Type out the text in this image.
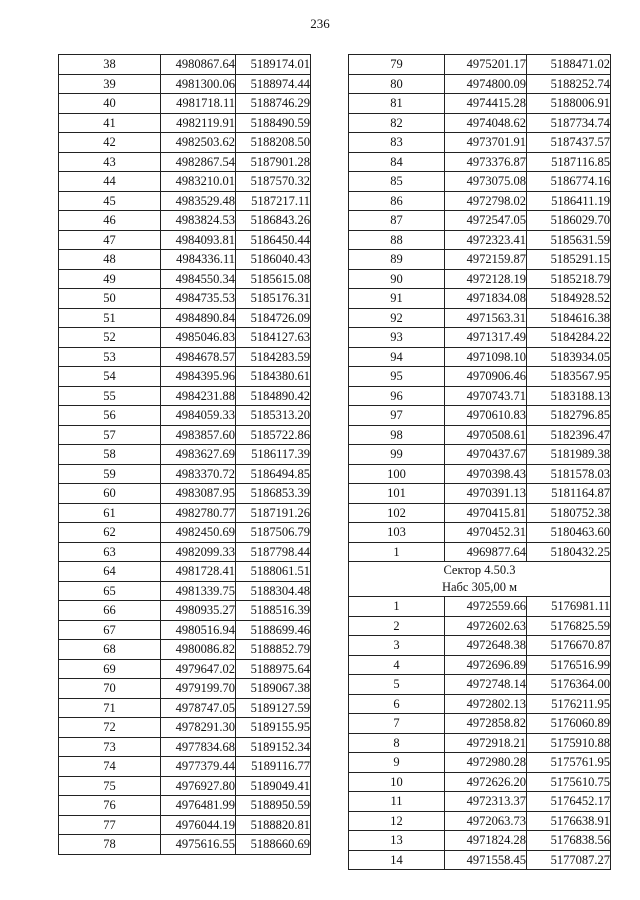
236
38	4980867.64	5189174.01
39	4981300.06	5188974.44
40	4981718.11	5188746.29
41	4982119.91	5188490.59
42	4982503.62	5188208.50
43	4982867.54	5187901.28
44	4983210.01	5187570.32
45	4983529.48	5187217.11
46	4983824.53	5186843.26
47	4984093.81	5186450.44
48	4984336.11	5186040.43
49	4984550.34	5185615.08
50	4984735.53	5185176.31
51	4984890.84	5184726.09
52	4985046.83	5184127.63
53	4984678.57	5184283.59
54	4984395.96	5184380.61
55	4984231.88	5184890.42
56	4984059.33	5185313.20
57	4983857.60	5185722.86
58	4983627.69	5186117.39
59	4983370.72	5186494.85
60	4983087.95	5186853.39
61	4982780.77	5187191.26
62	4982450.69	5187506.79
63	4982099.33	5187798.44
64	4981728.41	5188061.51
65	4981339.75	5188304.48
66	4980935.27	5188516.39
67	4980516.94	5188699.46
68	4980086.82	5188852.79
69	4979647.02	5188975.64
70	4979199.70	5189067.38
71	4978747.05	5189127.59
72	4978291.30	5189155.95
73	4977834.68	5189152.34
74	4977379.44	5189116.77
75	4976927.80	5189049.41
76	4976481.99	5188950.59
77	4976044.19	5188820.81
78	4975616.55	5188660.69
79	4975201.17	5188471.02
80	4974800.09	5188252.74
81	4974415.28	5188006.91
82	4974048.62	5187734.74
83	4973701.91	5187437.57
84	4973376.87	5187116.85
85	4973075.08	5186774.16
86	4972798.02	5186411.19
87	4972547.05	5186029.70
88	4972323.41	5185631.59
89	4972159.87	5185291.15
90	4972128.19	5185218.79
91	4971834.08	5184928.52
92	4971563.31	5184616.38
93	4971317.49	5184284.22
94	4971098.10	5183934.05
95	4970906.46	5183567.95
96	4970743.71	5183188.13
97	4970610.83	5182796.85
98	4970508.61	5182396.47
99	4970437.67	5181989.38
100	4970398.43	5181578.03
101	4970391.13	5181164.87
102	4970415.81	5180752.38
103	4970452.31	5180463.60
1	4969877.64	5180432.25

Сектор 4.50.3
Набс 305,00 м		

1	4972559.66	5176981.11
2	4972602.63	5176825.59
3	4972648.38	5176670.87
4	4972696.89	5176516.99
5	4972748.14	5176364.00
6	4972802.13	5176211.95
7	4972858.82	5176060.89
8	4972918.21	5175910.88
9	4972980.28	5175761.95
10	4972626.20	5175610.75
11	4972313.37	5176452.17
12	4972063.73	5176638.91
13	4971824.28	5176838.56
14	4971558.45	5177087.27
